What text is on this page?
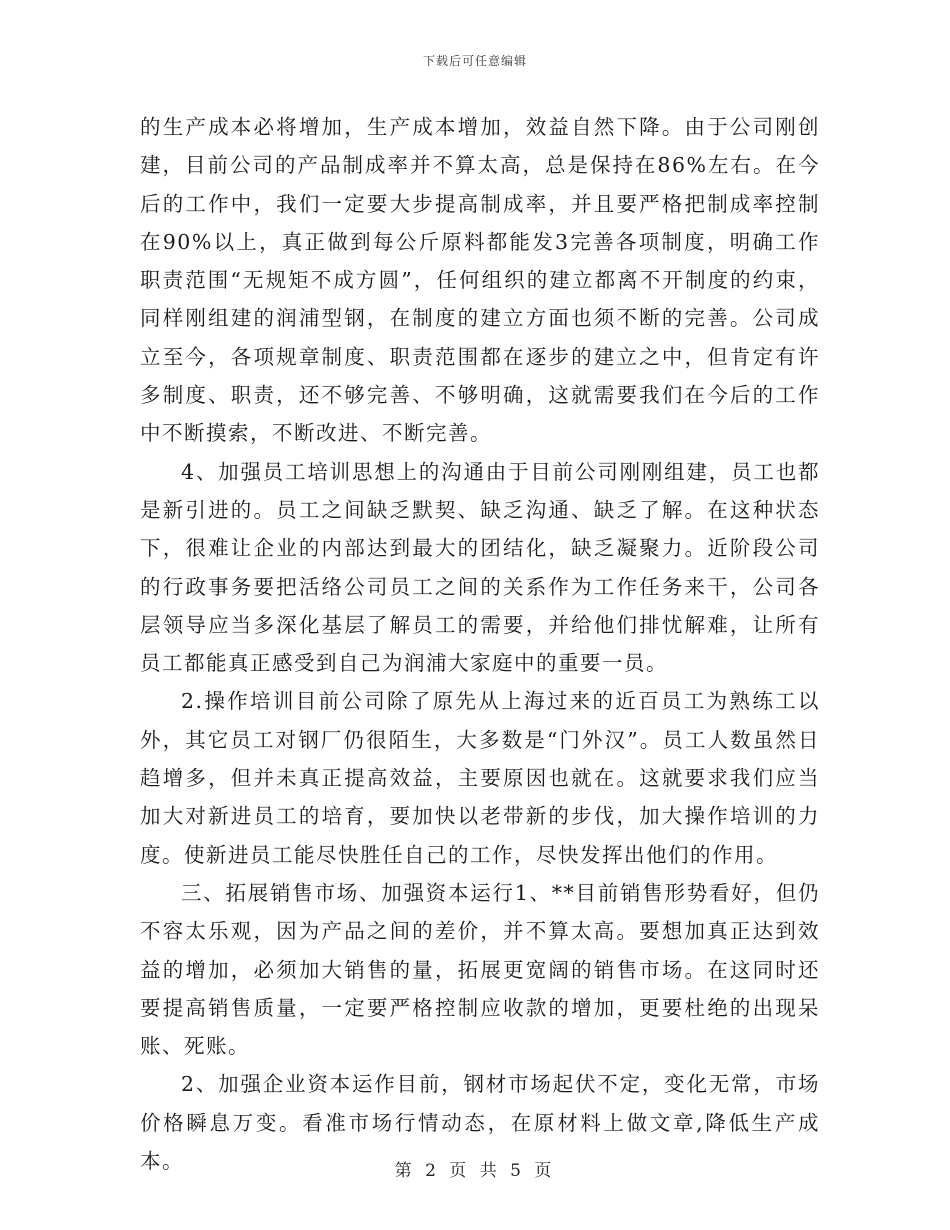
下载后可任意编辑

的生产成本必将增加，生产成本增加，效益自然下降。由于公司刚创建，目前公司的产品制成率并不算太高，总是保持在86%左右。在今后的工作中，我们一定要大步提高制成率，并且要严格把制成率控制在90%以上，真正做到每公斤原料都能发3完善各项制度，明确工作职责范围“无规矩不成方圆”，任何组织的建立都离不开制度的约束，同样刚组建的润浦型钢，在制度的建立方面也须不断的完善。公司成立至今，各项规章制度、职责范围都在逐步的建立之中，但肯定有许多制度、职责，还不够完善、不够明确，这就需要我们在今后的工作中不断摸索，不断改进、不断完善。

4、加强员工培训思想上的沟通由于目前公司刚刚组建，员工也都是新引进的。员工之间缺乏默契、缺乏沟通、缺乏了解。在这种状态下，很难让企业的内部达到最大的团结化，缺乏凝聚力。近阶段公司的行政事务要把活络公司员工之间的关系作为工作任务来干，公司各层领导应当多深化基层了解员工的需要，并给他们排忧解难，让所有员工都能真正感受到自己为润浦大家庭中的重要一员。

2.操作培训目前公司除了原先从上海过来的近百员工为熟练工以外，其它员工对钢厂仍很陌生，大多数是“门外汉”。员工人数虽然日趋增多，但并未真正提高效益，主要原因也就在。这就要求我们应当加大对新进员工的培育，要加快以老带新的步伐，加大操作培训的力度。使新进员工能尽快胜任自己的工作，尽快发挥出他们的作用。

三、拓展销售市场、加强资本运行1、**目前销售形势看好，但仍不容太乐观，因为产品之间的差价，并不算太高。要想加真正达到效益的增加，必须加大销售的量，拓展更宽阔的销售市场。在这同时还要提高销售质量，一定要严格控制应收款的增加，更要杜绝的出现呆账、死账。

2、加强企业资本运作目前，钢材市场起伏不定，变化无常，市场价格瞬息万变。看准市场行情动态，在原材料上做文章,降低生产成本。	第 2 页 共 5 页
